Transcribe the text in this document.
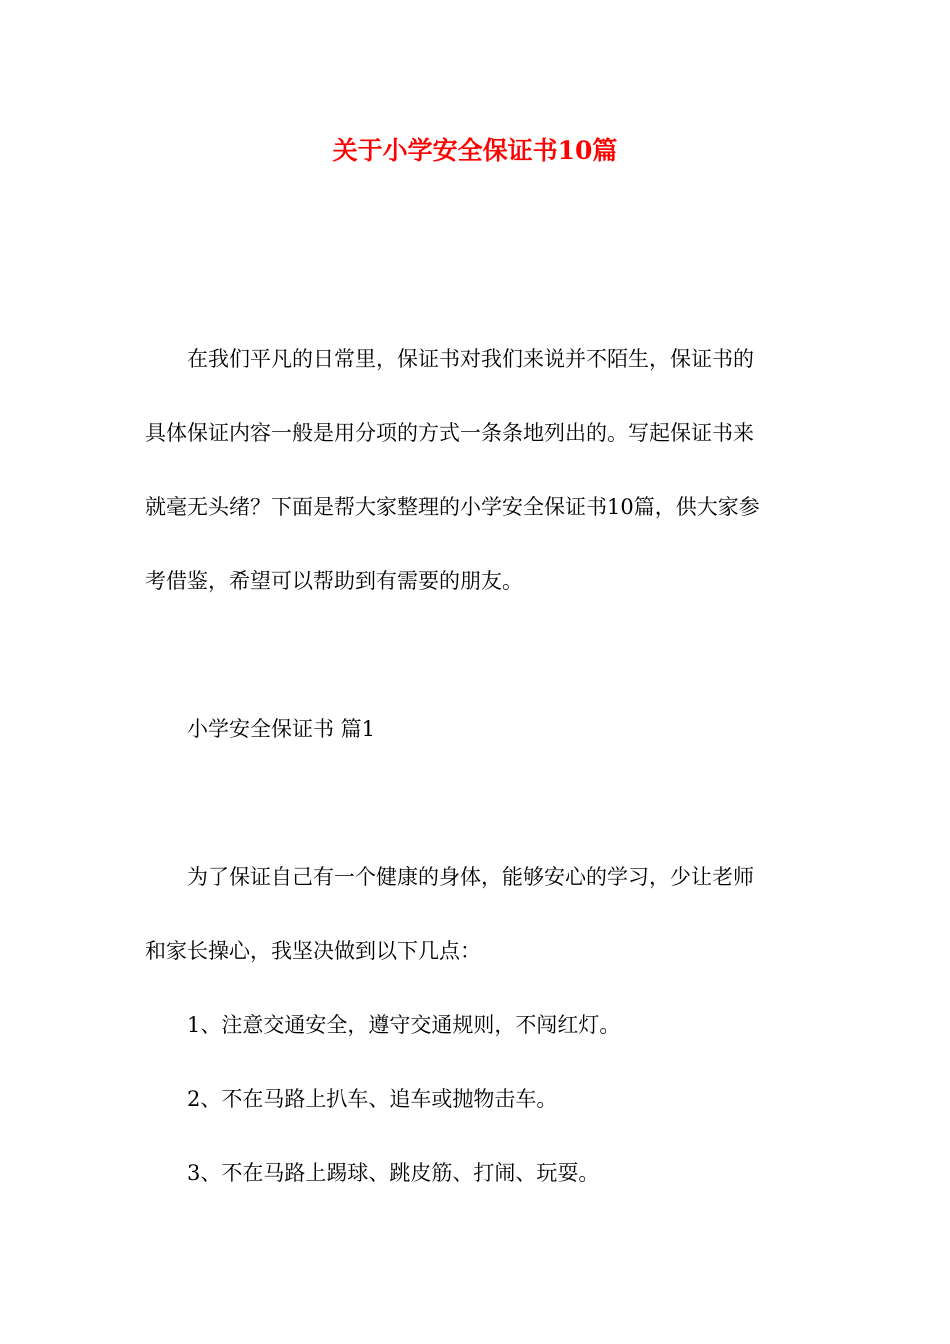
关于小学安全保证书10篇
在我们平凡的日常里，保证书对我们来说并不陌生，保证书的
具体保证内容一般是用分项的方式一条条地列出的。写起保证书来
就毫无头绪？下面是帮大家整理的小学安全保证书10篇，供大家参
考借鉴，希望可以帮助到有需要的朋友。
小学安全保证书 篇1
为了保证自己有一个健康的身体，能够安心的学习，少让老师
和家长操心，我坚决做到以下几点：
1、注意交通安全，遵守交通规则，不闯红灯。
2、不在马路上扒车、追车或抛物击车。
3、不在马路上踢球、跳皮筋、打闹、玩耍。
